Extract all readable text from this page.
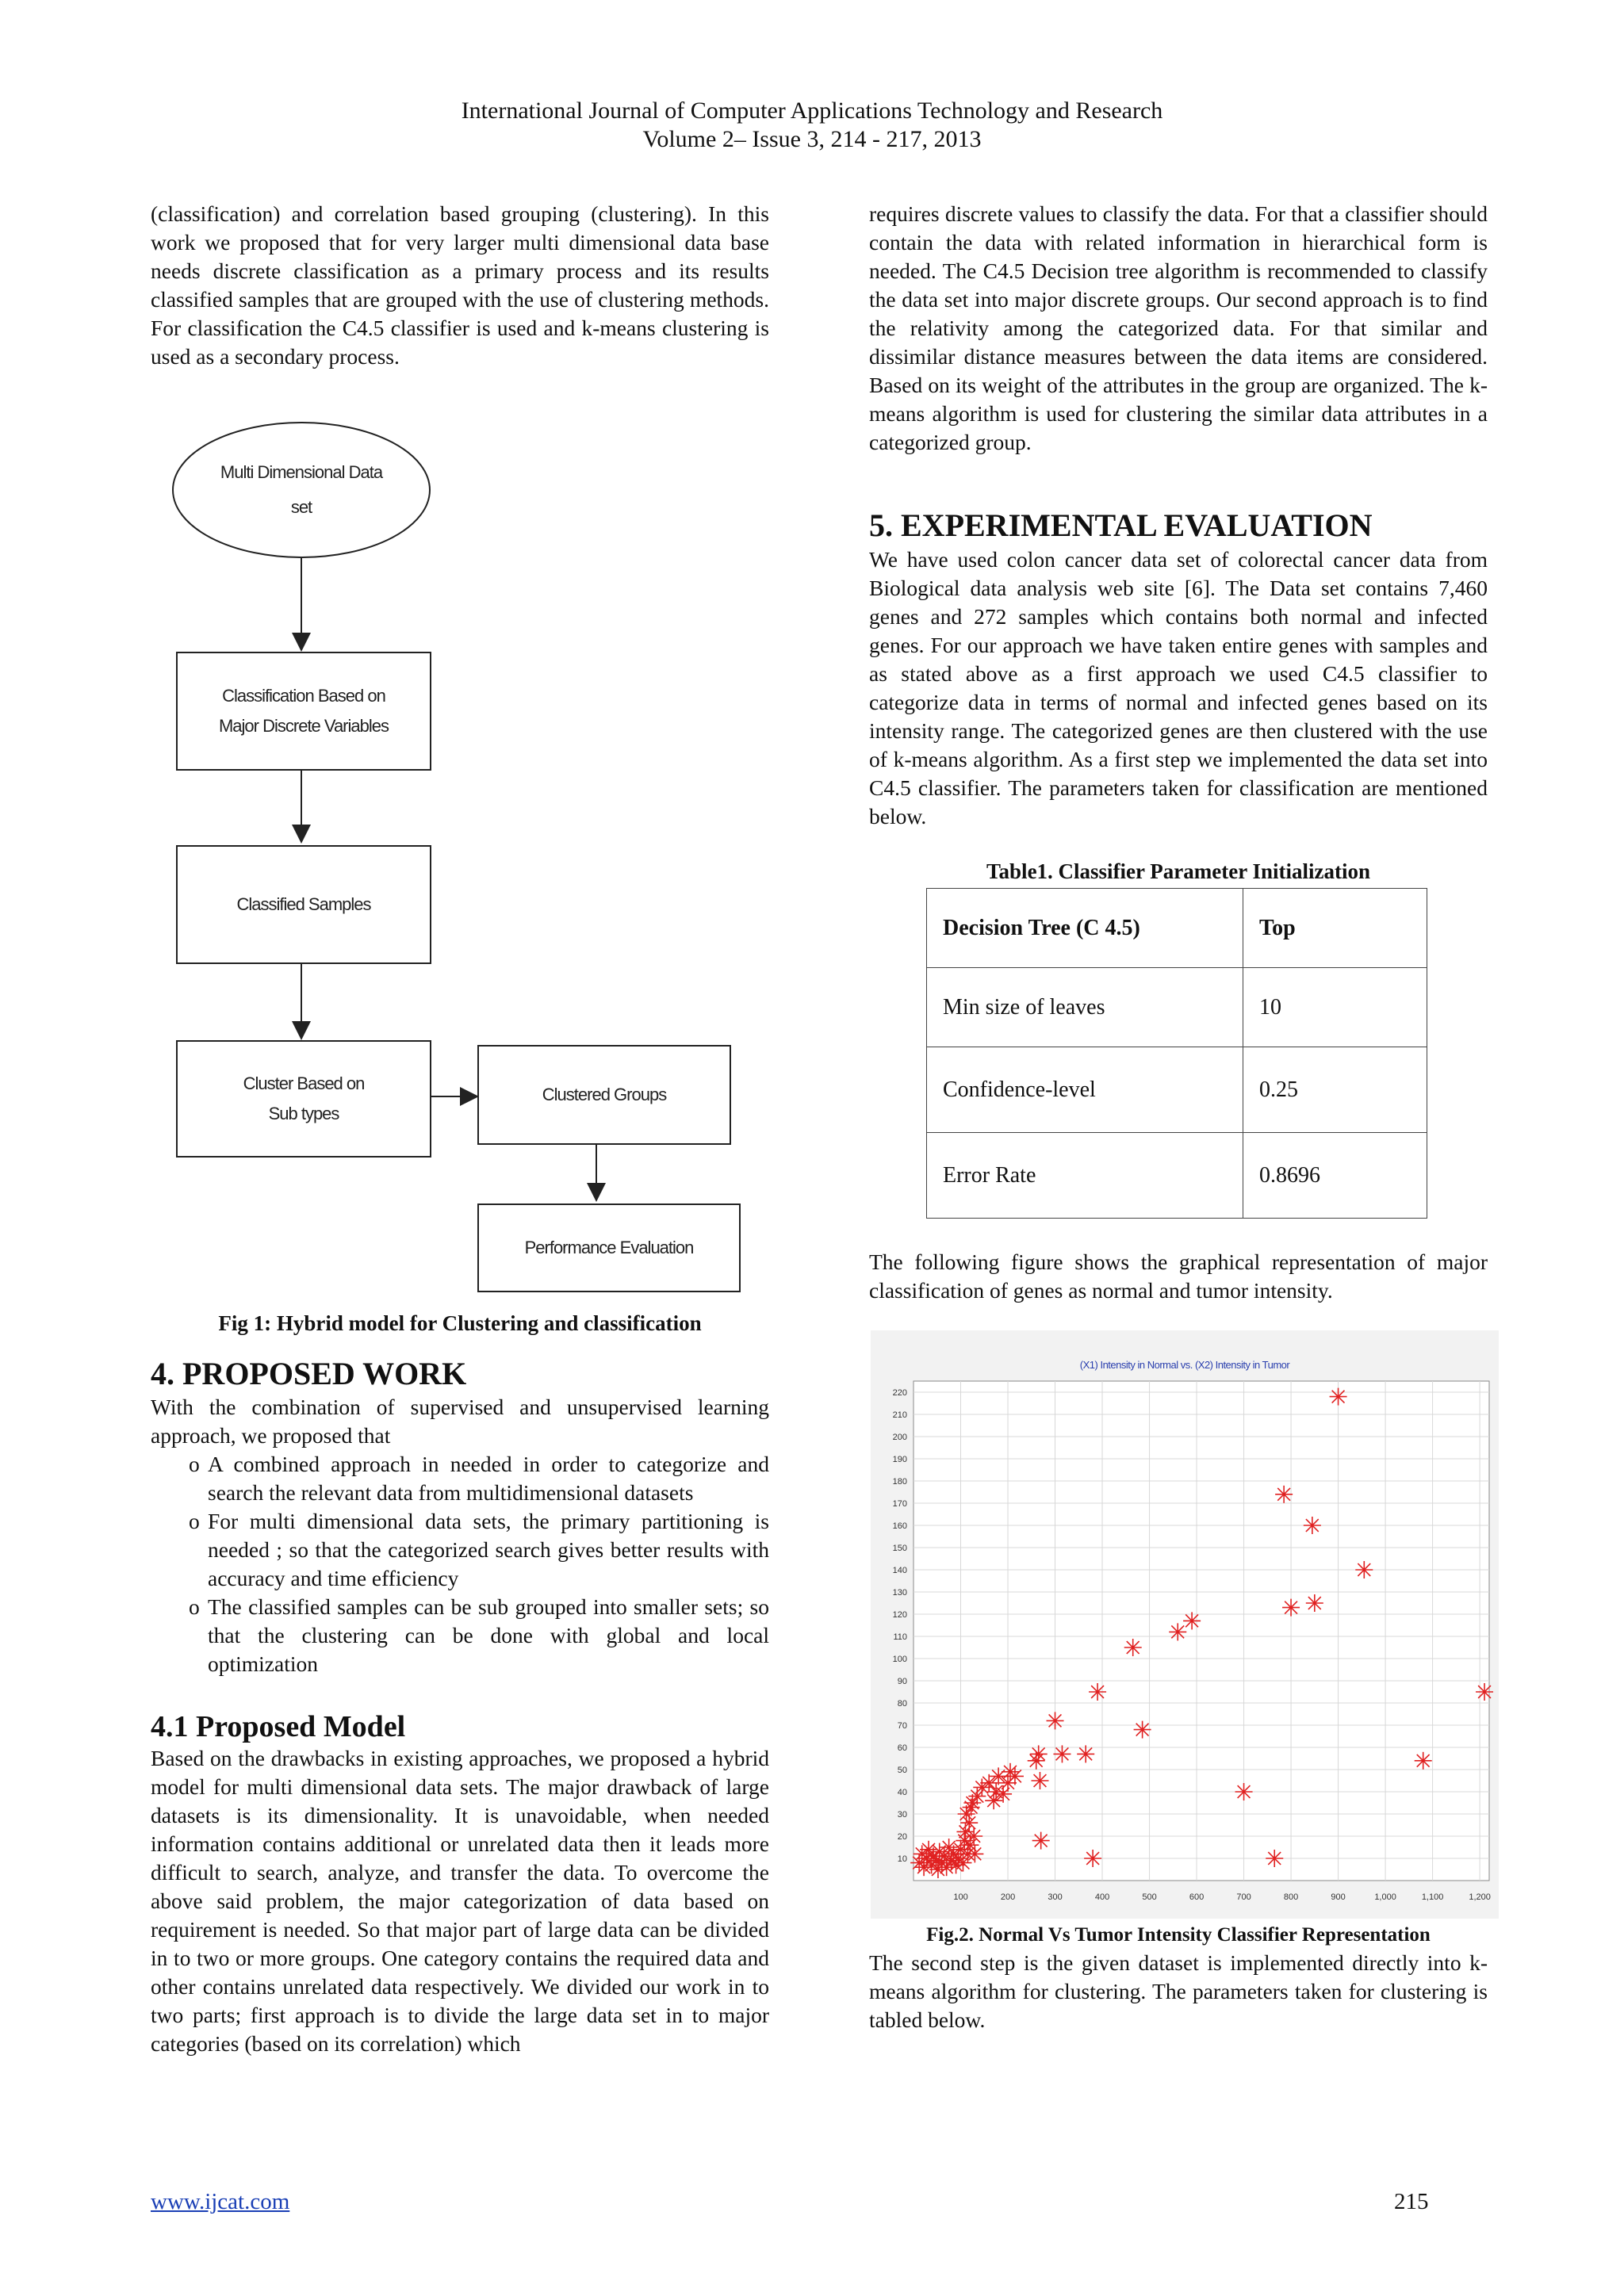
International Journal of Computer Applications Technology and Research
Volume 2– Issue 3, 214 - 217, 2013

(classification) and correlation based grouping (clustering). In this work we proposed that for very larger multi dimensional data base needs discrete classification as a primary process and its results classified samples that are grouped with the use of clustering methods. For classification the C4.5 classifier is used and k-means clustering is used as a secondary process.

Multi Dimensional Data
set
Classification Based on
Major Discrete Variables
Classified Samples
Cluster Based on
Sub types
Clustered Groups
Performance Evaluation
Fig 1: Hybrid model for Clustering and classification
4. PROPOSED WORK

With the combination of supervised and unsupervised learning approach, we proposed that

o A combined approach in needed in order to categorize and search the relevant data from multidimensional datasets
o For multi dimensional data sets, the primary partitioning is needed ; so that the categorized search gives better results with accuracy and time efficiency
o The classified samples can be sub grouped into smaller sets; so that the clustering can be done with global and local optimization
4.1 Proposed Model

Based on the drawbacks in existing approaches, we proposed a hybrid model for multi dimensional data sets. The major drawback of large datasets is its dimensionality. It is unavoidable, when needed information contains additional or unrelated data then it leads more difficult to search, analyze, and transfer the data. To overcome the above said problem, the major categorization of data based on requirement is needed. So that major part of large data can be divided in to two or more groups. One category contains the required data and other contains unrelated data respectively. We divided our work in to two parts; first approach is to divide the large data set in to major categories (based on its correlation) which

requires discrete values to classify the data. For that a classifier should contain the data with related information in hierarchical form is needed. The C4.5 Decision tree algorithm is recommended to classify the data set into major discrete groups. Our second approach is to find the relativity among the categorized data. For that similar and dissimilar distance measures between the data items are considered. Based on its weight of the attributes in the group are organized. The k-means algorithm is used for clustering the similar data attributes in a categorized group.

5. EXPERIMENTAL EVALUATION

We have used colon cancer data set of colorectal cancer data from Biological data analysis web site [6]. The Data set contains 7,460 genes and 272 samples which contains both normal and infected genes. For our approach we have taken entire genes with samples and as stated above as a first approach we used C4.5 classifier to categorize data in terms of normal and infected genes based on its intensity range. The categorized genes are then clustered with the use of k-means algorithm. As a first step we implemented the data set into C4.5 classifier. The parameters taken for classification are mentioned below.

Table1. Classifier Parameter Initialization
Decision Tree (C 4.5)	Top
Min size of leaves	10
Confidence-level	0.25
Error Rate	0.8696

The following figure shows the graphical representation of major classification of genes as normal and tumor intensity.

(X1) Intensity in Normal vs. (X2) Intensity in Tumor
10
20
30
40
50
60
70
80
90
100
110
120
130
140
150
160
170
180
190
200
210
220
100	200	300	400	500	600	700	800	900	1,000	1,100	1,200
Fig.2. Normal Vs Tumor Intensity Classifier Representation

The second step is the given dataset is implemented directly into k-means algorithm for clustering. The parameters taken for clustering is tabled below.

www.ijcat.com	215
